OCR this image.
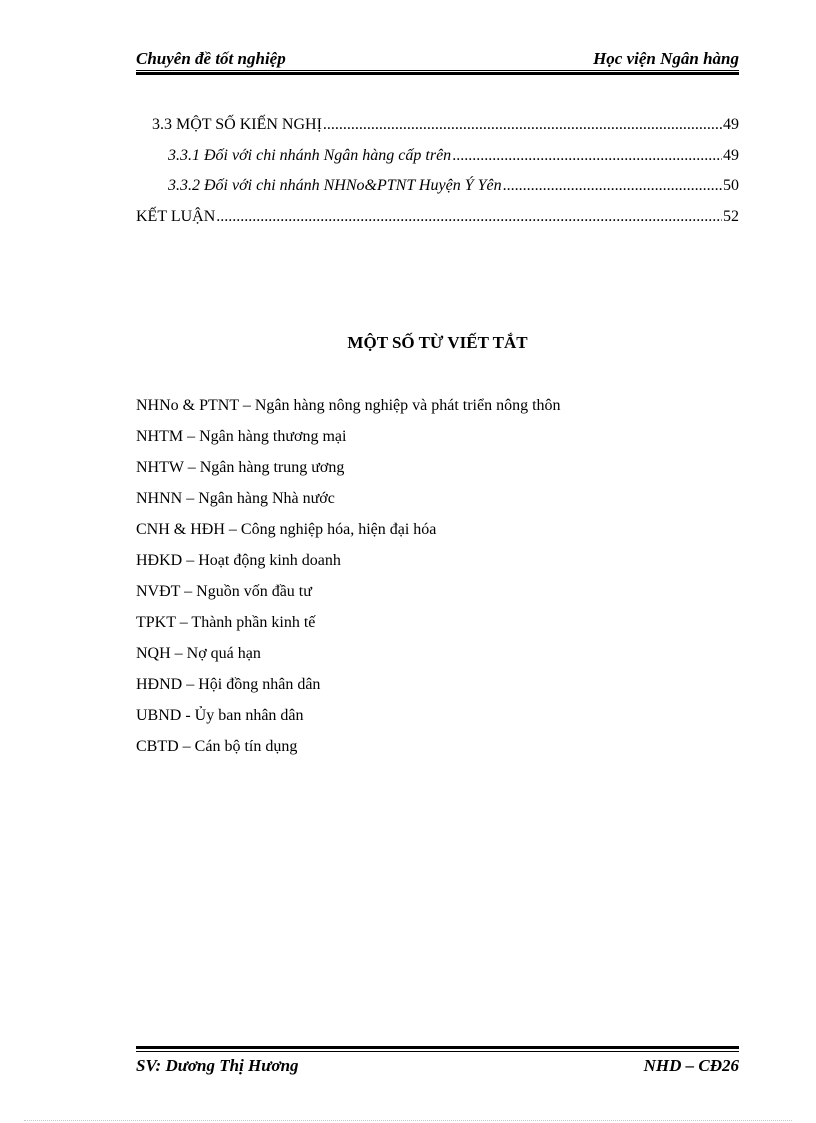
Chuyên đề tốt nghiệp	Học viện Ngân hàng
3.3 MỘT SỐ KIẾN NGHỊ .....	49
3.3.1 Đối với chi nhánh Ngân hàng cấp trên .....	49
3.3.2 Đối với chi nhánh NHNo&PTNT Huyện Ý Yên .....	50
KẾT LUẬN .....	52
MỘT SỐ TỪ VIẾT TẮT
NHNo & PTNT – Ngân hàng nông nghiệp và phát triển nông thôn
NHTM – Ngân hàng thương mại
NHTW – Ngân hàng trung ương
NHNN – Ngân hàng Nhà nước
CNH & HĐH – Công nghiệp hóa, hiện đại hóa
HĐKD – Hoạt động kinh doanh
NVĐT – Nguồn vốn đầu tư
TPKT – Thành phần kinh tế
NQH – Nợ quá hạn
HĐND – Hội đồng nhân dân
UBND - Ủy ban nhân dân
CBTD – Cán bộ tín dụng
SV: Dương Thị Hương	NHD – CĐ26
